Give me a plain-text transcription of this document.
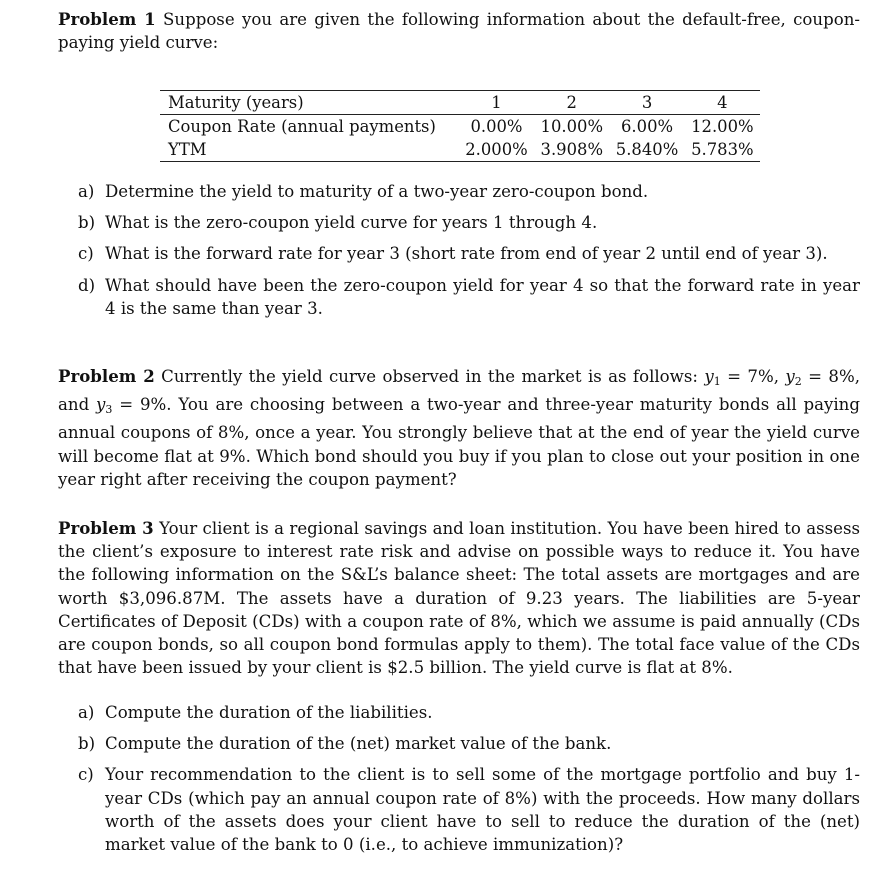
Problem 1 Suppose you are given the following information about the default-free, coupon-paying yield curve:
Maturity (years)	1	2	3	4
Coupon Rate (annual payments)	0.00%	10.00%	6.00%	12.00%
YTM	2.000%	3.908%	5.840%	5.783%
a) Determine the yield to maturity of a two-year zero-coupon bond.
b) What is the zero-coupon yield curve for years 1 through 4.
c) What is the forward rate for year 3 (short rate from end of year 2 until end of year 3).
d) What should have been the zero-coupon yield for year 4 so that the forward rate in year 4 is the same than year 3.
Problem 2 Currently the yield curve observed in the market is as follows: $y_1 = 7\%$, $y_2 = 8\%$, and $y_3 = 9\%$. You are choosing between a two-year and three-year maturity bonds all paying annual coupons of 8%, once a year. You strongly believe that at the end of year the yield curve will become flat at 9%. Which bond should you buy if you plan to close out your position in one year right after receiving the coupon payment?
Problem 3 Your client is a regional savings and loan institution. You have been hired to assess the client’s exposure to interest rate risk and advise on possible ways to reduce it. You have the following information on the S&L’s balance sheet: The total assets are mortgages and are worth $3,096.87M. The assets have a duration of 9.23 years. The liabilities are 5-year Certificates of Deposit (CDs) with a coupon rate of 8%, which we assume is paid annually (CDs are coupon bonds, so all coupon bond formulas apply to them). The total face value of the CDs that have been issued by your client is $2.5 billion. The yield curve is flat at 8%.
a) Compute the duration of the liabilities.
b) Compute the duration of the (net) market value of the bank.
c) Your recommendation to the client is to sell some of the mortgage portfolio and buy 1-year CDs (which pay an annual coupon rate of 8%) with the proceeds. How many dollars worth of the assets does your client have to sell to reduce the duration of the (net) market value of the bank to 0 (i.e., to achieve immunization)?
